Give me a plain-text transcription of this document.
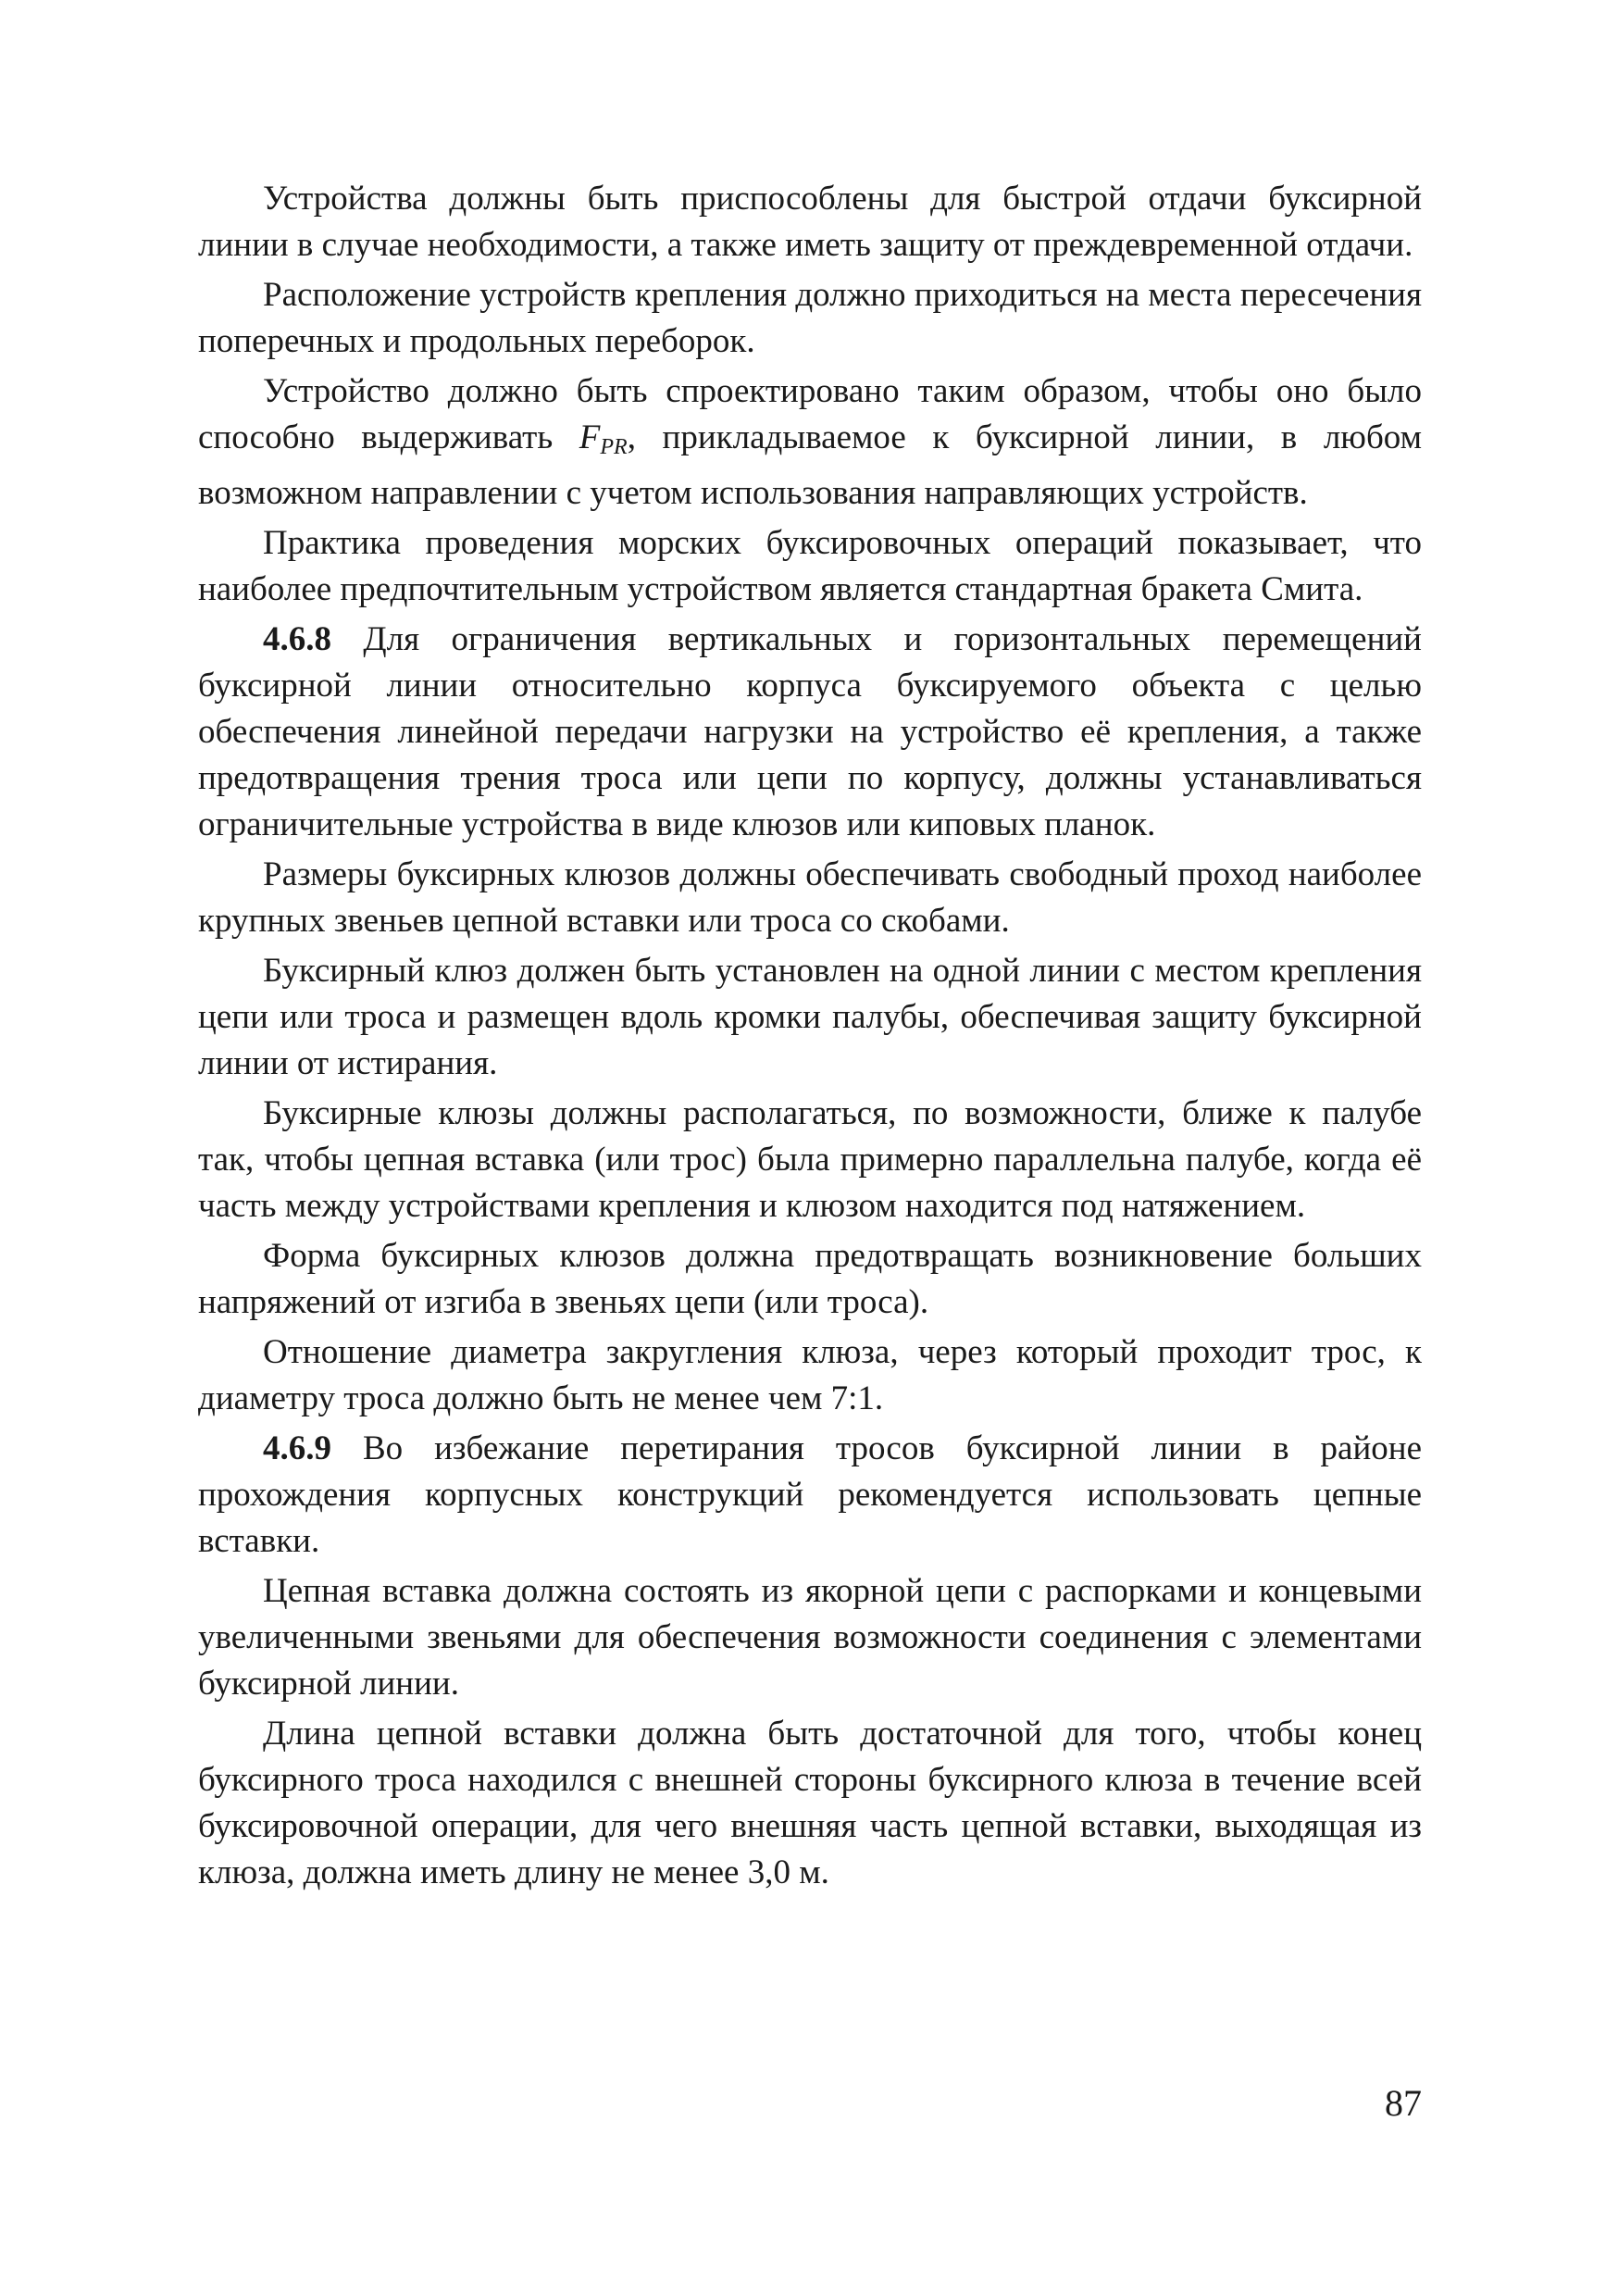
Устройства должны быть приспособлены для быстрой отдачи буксирной линии в случае необходимости, а также иметь защиту от преждевременной отдачи.

Расположение устройств крепления должно приходиться на места пересечения поперечных и продольных переборок.

Устройство должно быть спроектировано таким образом, чтобы оно было способно выдерживать $F_{PR}$, прикладываемое к буксирной линии, в любом возможном направлении с учетом использования направляющих устройств.

Практика проведения морских буксировочных операций показывает, что наиболее предпочтительным устройством является стандартная бракета Смита.

4.6.8 Для ограничения вертикальных и горизонтальных перемещений буксирной линии относительно корпуса буксируемого объекта с целью обеспечения линейной передачи нагрузки на устройство её крепления, а также предотвращения трения троса или цепи по корпусу, должны устанавливаться ограничительные устройства в виде клюзов или киповых планок.

Размеры буксирных клюзов должны обеспечивать свободный проход наиболее крупных звеньев цепной вставки или троса со скобами.

Буксирный клюз должен быть установлен на одной линии с местом крепления цепи или троса и размещен вдоль кромки палубы, обеспечивая защиту буксирной линии от истирания.

Буксирные клюзы должны располагаться, по возможности, ближе к палубе так, чтобы цепная вставка (или трос) была примерно параллельна палубе, когда её часть между устройствами крепления и клюзом находится под натяжением.

Форма буксирных клюзов должна предотвращать возникновение больших напряжений от изгиба в звеньях цепи (или троса).

Отношение диаметра закругления клюза, через который проходит трос, к диаметру троса должно быть не менее чем 7:1.

4.6.9 Во избежание перетирания тросов буксирной линии в районе прохождения корпусных конструкций рекомендуется использовать цепные вставки.

Цепная вставка должна состоять из якорной цепи с распорками и концевыми увеличенными звеньями для обеспечения возможности соединения с элементами буксирной линии.

Длина цепной вставки должна быть достаточной для того, чтобы конец буксирного троса находился с внешней стороны буксирного клюза в течение всей буксировочной операции, для чего внешняя часть цепной вставки, выходящая из клюза, должна иметь длину не менее 3,0 м.

87
